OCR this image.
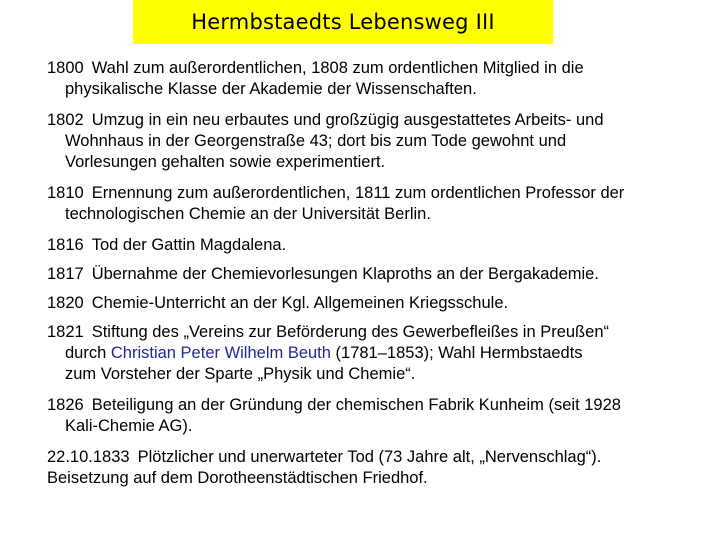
Hermbstaedts Lebensweg III
1800 Wahl zum außerordentlichen, 1808 zum ordentlichen Mitglied in die
physikalische Klasse der Akademie der Wissenschaften.
1802 Umzug in ein neu erbautes und großzügig ausgestattetes Arbeits- und
Wohnhaus in der Georgenstraße 43; dort bis zum Tode gewohnt und
Vorlesungen gehalten sowie experimentiert.
1810 Ernennung zum außerordentlichen, 1811 zum ordentlichen Professor der
technologischen Chemie an der Universität Berlin.
1816 Tod der Gattin Magdalena.
1817 Übernahme der Chemievorlesungen Klaproths an der Bergakademie.
1820 Chemie-Unterricht an der Kgl. Allgemeinen Kriegsschule.
1821 Stiftung des „Vereins zur Beförderung des Gewerbefleißes in Preußen“
durch Christian Peter Wilhelm Beuth (1781–1853); Wahl Hermbstaedts
zum Vorsteher der Sparte „Physik und Chemie“.
1826 Beteiligung an der Gründung der chemischen Fabrik Kunheim (seit 1928
Kali-Chemie AG).
22.10.1833 Plötzlicher und unerwarteter Tod (73 Jahre alt, „Nervenschlag“).
Beisetzung auf dem Dorotheenstädtischen Friedhof.
